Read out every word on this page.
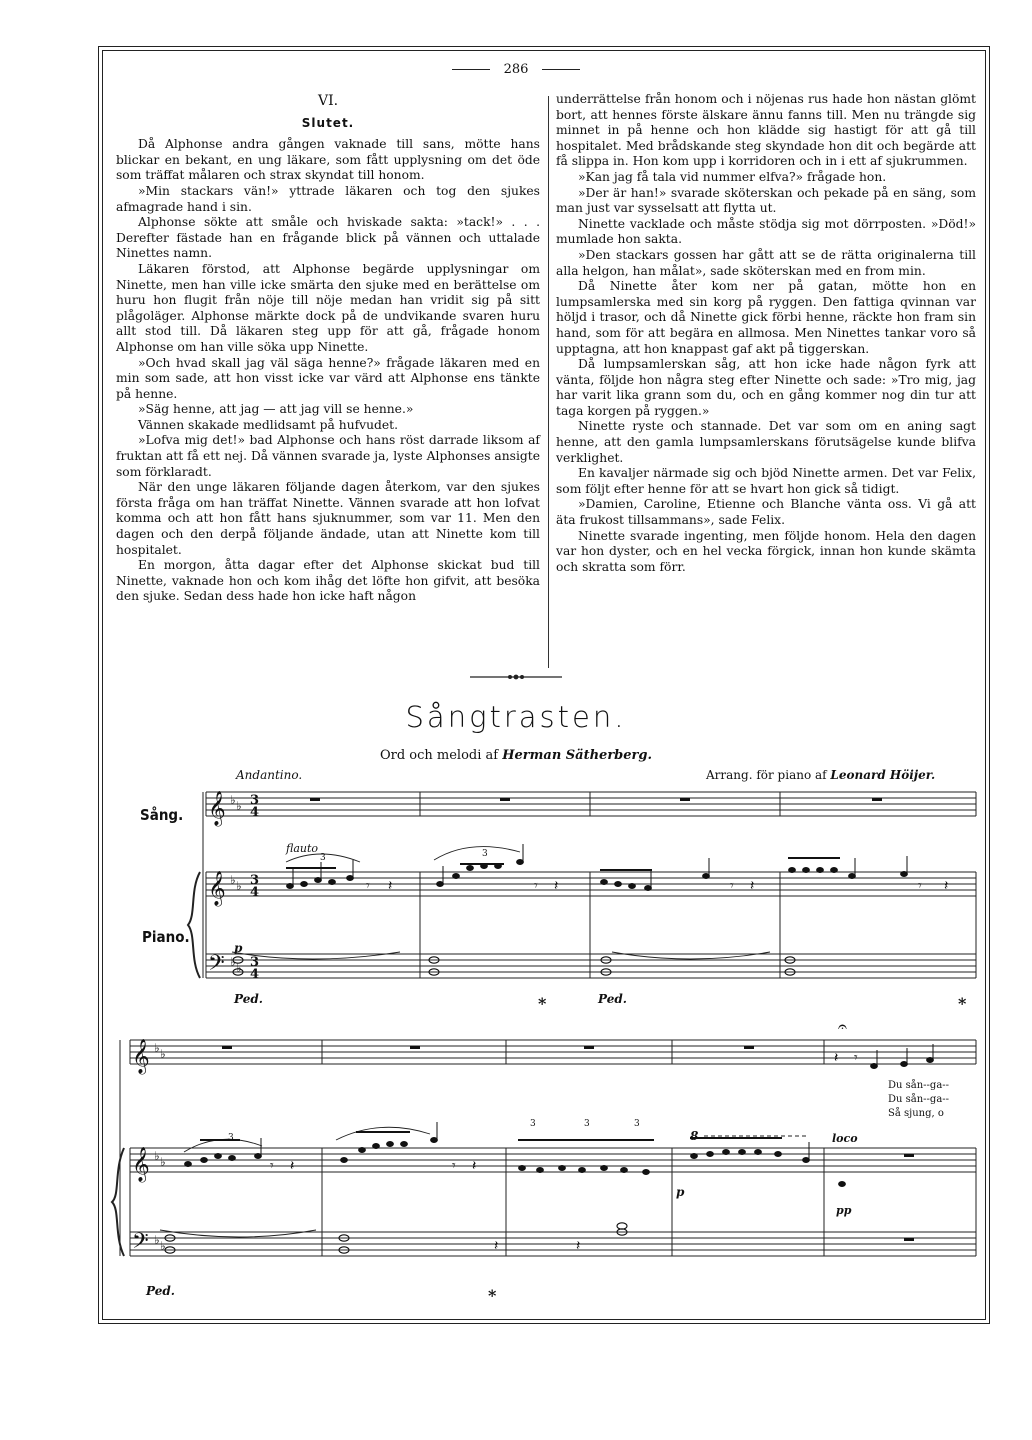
286
VI.
Slutet.

Då Alphonse andra gången vaknade till sans, mötte hans blickar en bekant, en ung läkare, som fått upplysning om det öde som träffat målaren och strax skyndat till honom.

»Min stackars vän!» yttrade läkaren och tog den sjukes afmagrade hand i sin.

Alphonse sökte att småle och hviskade sakta: »tack!» . . . Derefter fästade han en frågande blick på vännen och uttalade Ninettes namn.

Läkaren förstod, att Alphonse begärde upplysningar om Ninette, men han ville icke smärta den sjuke med en berättelse om huru hon flugit från nöje till nöje medan han vridit sig på sitt plågoläger. Alphonse märkte dock på de undvikande svaren huru allt stod till. Då läkaren steg upp för att gå, frågade honom Alphonse om han ville söka upp Ninette.

»Och hvad skall jag väl säga henne?» frågade läkaren med en min som sade, att hon visst icke var värd att Alphonse ens tänkte på henne.

»Säg henne, att jag — att jag vill se henne.»

Vännen skakade medlidsamt på hufvudet.

»Lofva mig det!» bad Alphonse och hans röst darrade liksom af fruktan att få ett nej. Då vännen svarade ja, lyste Alphonses ansigte som förklaradt.

När den unge läkaren följande dagen återkom, var den sjukes första fråga om han träffat Ninette. Vännen svarade att hon lofvat komma och att hon fått hans sjuknummer, som var 11. Men den dagen och den derpå följande ändade, utan att Ninette kom till hospitalet.

En morgon, åtta dagar efter det Alphonse skickat bud till Ninette, vaknade hon och kom ihåg det löfte hon gifvit, att besöka den sjuke. Sedan dess hade hon icke haft någon

underrättelse från honom och i nöjenas rus hade hon nästan glömt bort, att hennes förste älskare ännu fanns till. Men nu trängde sig minnet in på henne och hon klädde sig hastigt för att gå till hospitalet. Med brådskande steg skyndade hon dit och begärde att få slippa in. Hon kom upp i korridoren och in i ett af sjukrummen.

»Kan jag få tala vid nummer elfva?» frågade hon.

»Der är han!» svarade sköterskan och pekade på en säng, som man just var sysselsatt att flytta ut.

Ninette vacklade och måste stödja sig mot dörrposten. »Död!» mumlade hon sakta.

»Den stackars gossen har gått att se de rätta originalerna till alla helgon, han målat», sade sköterskan med en from min.

Då Ninette åter kom ner på gatan, mötte hon en lumpsamlerska med sin korg på ryggen. Den fattiga qvinnan var höljd i trasor, och då Ninette gick förbi henne, räckte hon fram sin hand, som för att begära en allmosa. Men Ninettes tankar voro så upptagna, att hon knappast gaf akt på tiggerskan.

Då lumpsamlerskan såg, att hon icke hade någon fyrk att vänta, följde hon några steg efter Ninette och sade: »Tro mig, jag har varit lika grann som du, och en gång kommer nog din tur att taga korgen på ryggen.»

Ninette ryste och stannade. Det var som om en aning sagt henne, att den gamla lumpsamlerskans förutsägelse kunde blifva verklighet.

En kavaljer närmade sig och bjöd Ninette armen. Det var Felix, som följt efter henne för att se hvart hon gick så tidigt.

»Damien, Caroline, Etienne och Blanche vänta oss. Vi gå att äta frukost tillsammans», sade Felix.

Ninette svarade ingenting, men följde honom. Hela den dagen var hon dyster, och en hel vecka förgick, innan hon kunde skämta och skratta som förr.

Sångtrasten.
Ord och melodi af Herman Sätherberg.
Andantino.	Arrang. för piano af Leonard Höijer.
Sång.
Piano.
𝄞
𝄞
𝄢
𝄞
𝄞
𝄢
♭ ♭
♭ ♭
♭ ♭
♭ ♭
♭ ♭
♭ ♭
3
4
3
4
3
4
𝄾 𝄽	𝄾 𝄽	𝄾 𝄽	𝄾 𝄽
𝄾 𝄽	𝄾 𝄽
𝄽 𝄾
𝄽	𝄽
𝄐
3	3
3
3	3	3
flauto
p
p
pp
loco
8
Ped.	*	Ped.	*
Ped.	*
Du sån--ga--
Du sån--ga--
Så sjung, o
